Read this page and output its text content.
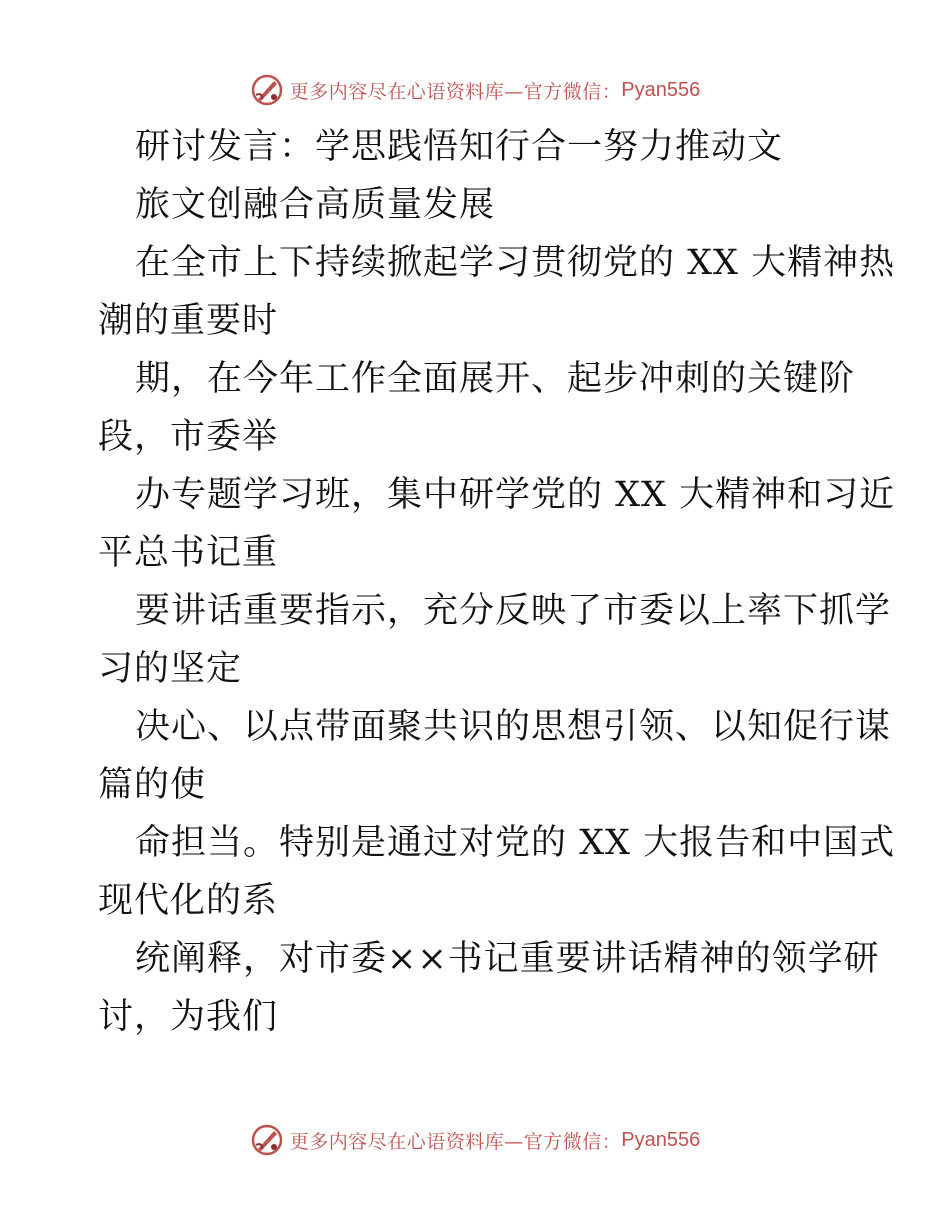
更多内容尽在心语资料库—官方微信： Pyan556
研讨发言：学思践悟知行合一努力推动文
旅文创融合高质量发展
在全市上下持续掀起学习贯彻党的 XX 大精神热
潮的重要时
期，在今年工作全面展开、起步冲刺的关键阶
段，市委举
办专题学习班，集中研学党的 XX 大精神和习近
平总书记重
要讲话重要指示，充分反映了市委以上率下抓学
习的坚定
决心、以点带面聚共识的思想引领、以知促行谋
篇的使
命担当。特别是通过对党的 XX 大报告和中国式
现代化的系
统阐释，对市委××书记重要讲话精神的领学研
讨，为我们
更多内容尽在心语资料库—官方微信： Pyan556
